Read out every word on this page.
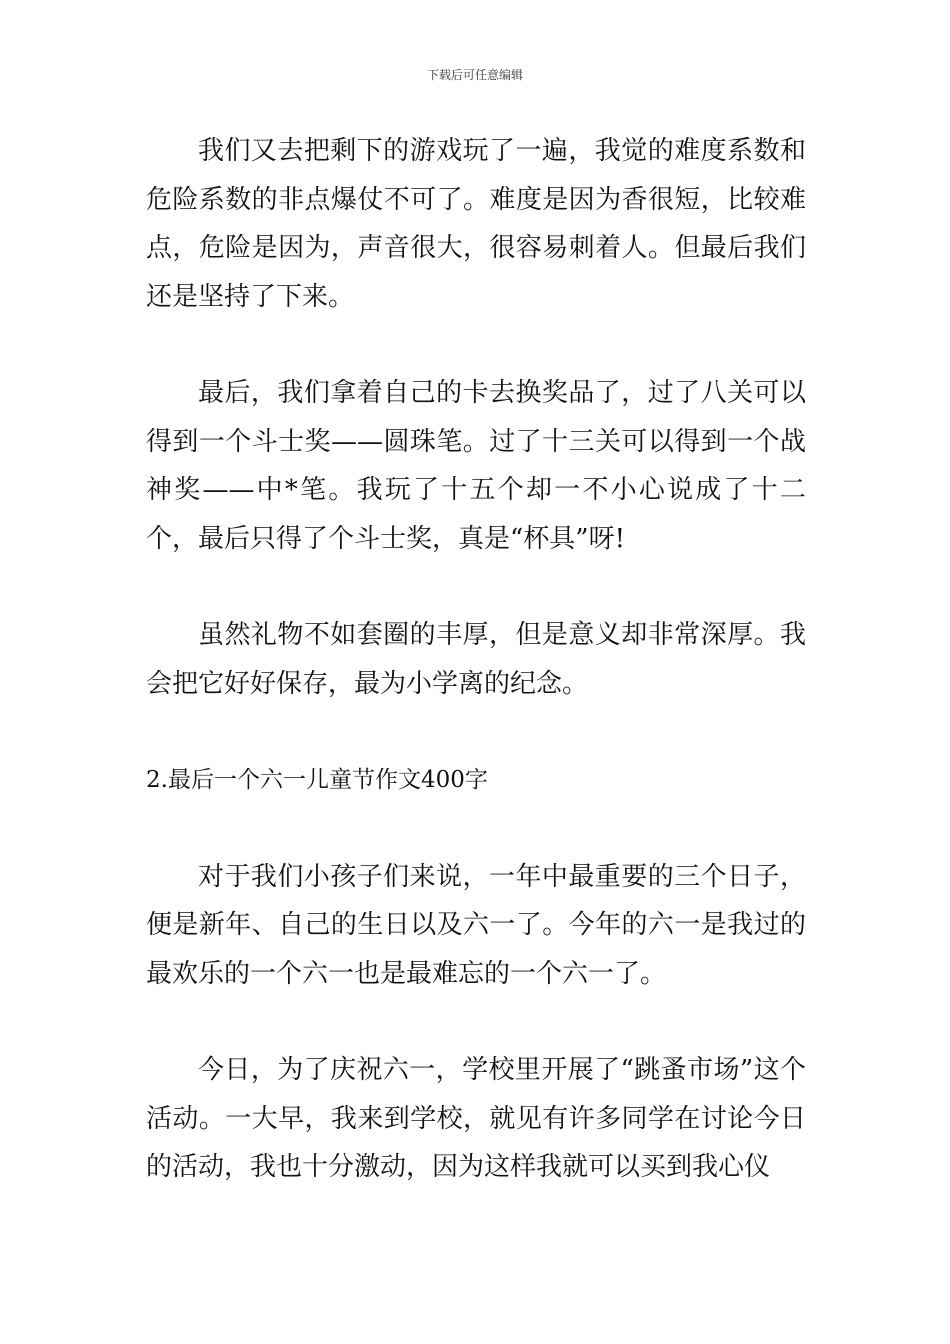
下载后可任意编辑

我们又去把剩下的游戏玩了一遍，我觉的难度系数和危险系数的非点爆仗不可了。难度是因为香很短，比较难点，危险是因为，声音很大，很容易刺着人。但最后我们还是坚持了下来。

最后，我们拿着自己的卡去换奖品了，过了八关可以得到一个斗士奖——圆珠笔。过了十三关可以得到一个战神奖——中*笔。我玩了十五个却一不小心说成了十二个，最后只得了个斗士奖，真是“杯具”呀!

虽然礼物不如套圈的丰厚，但是意义却非常深厚。我会把它好好保存，最为小学离的纪念。

2.最后一个六一儿童节作文400字

对于我们小孩子们来说，一年中最重要的三个日子，便是新年、自己的生日以及六一了。今年的六一是我过的最欢乐的一个六一也是最难忘的一个六一了。

今日，为了庆祝六一，学校里开展了“跳蚤市场”这个活动。一大早，我来到学校，就见有许多同学在讨论今日的活动，我也十分激动，因为这样我就可以买到我心仪
